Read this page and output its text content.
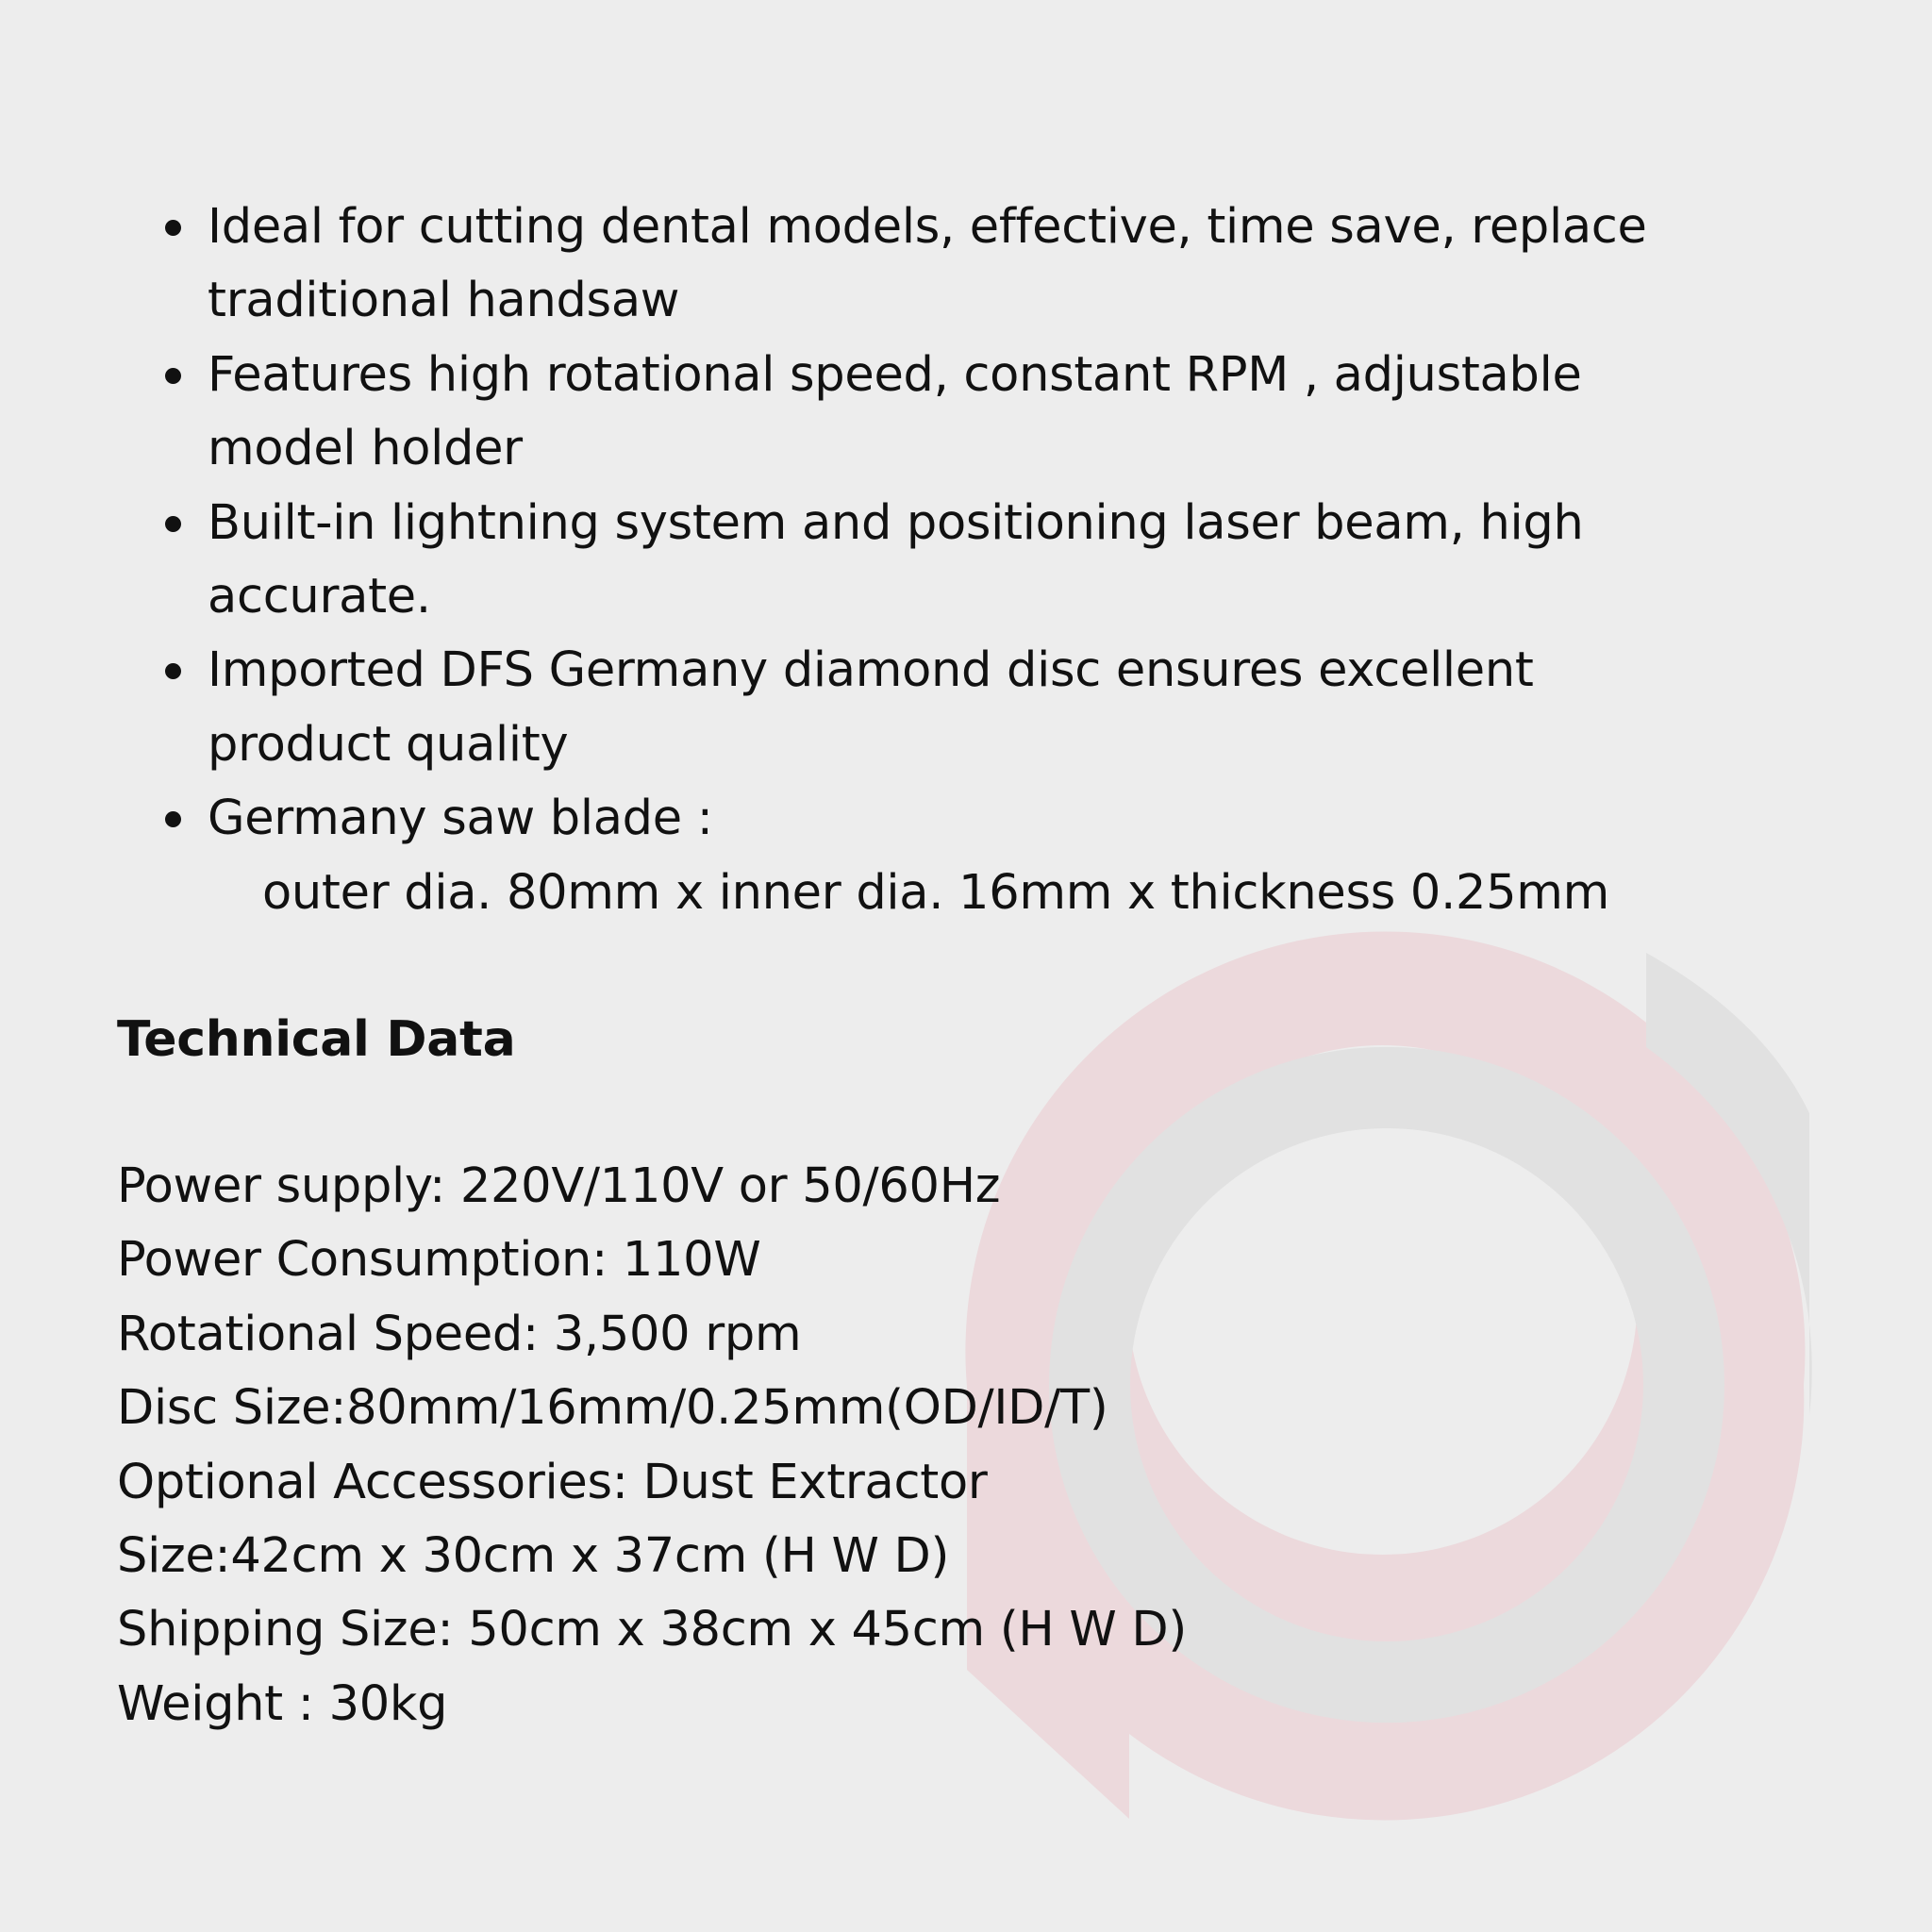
Ideal for cutting dental models, effective, time save, replace
traditional handsaw
Features high rotational speed, constant RPM , adjustable
model holder
Built-in lightning system and positioning laser beam, high
accurate.
Imported DFS Germany diamond disc ensures excellent
product quality
Germany saw blade :
outer dia. 80mm x inner dia. 16mm x thickness 0.25mm
Technical Data
Power supply: 220V/110V or 50/60Hz
Power Consumption: 110W
Rotational Speed: 3,500 rpm
Disc Size:80mm/16mm/0.25mm(OD/ID/T)
Optional Accessories: Dust Extractor
Size:42cm x 30cm x 37cm (H W D)
Shipping Size: 50cm x 38cm x 45cm (H W D)
Weight : 30kg
